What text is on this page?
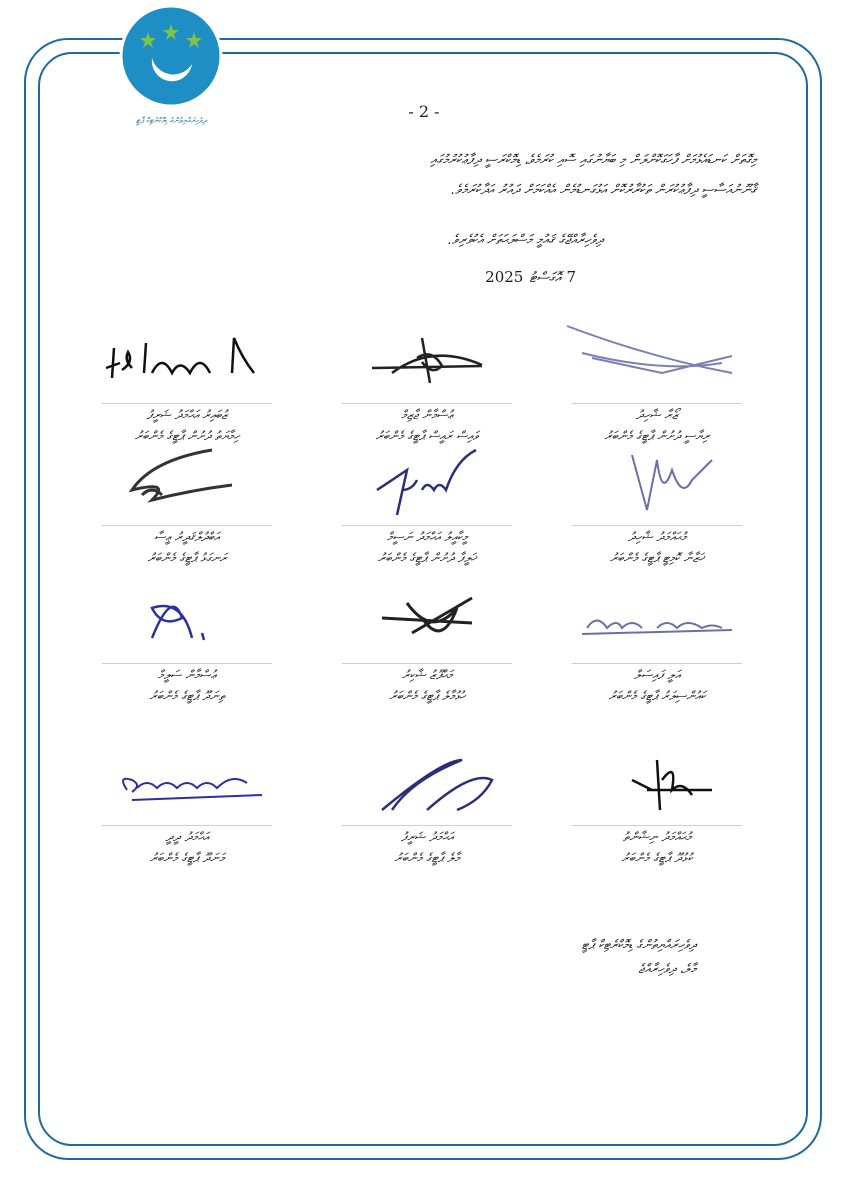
ދިވެހިރައްޔިތުންގެ ޑިމޮކްރެޓިކް ޕާޓީ	- 2 -
މިގޮތަށް ކަނޑައެޅުމަށް ފާހަގަކޮށްލަން މި ބަޔާނުގައި ސޮއި ކުރަމެވެ، ޑިމޮކްރަސީ ދިފާޢުކުރުމުގައި
ޤާނޫނުއަސާސީ ދިފާޢުކުރަން ތަކުރާރުކޮށް އަޅުގަނޑުމެން އެއްކަމަށް ދައުރު އަދާކުރަމެވެ.
ދިވެހިރާއްޖޭގެ ޤައުމީ މަސްލަޙަތަށް އެކުވެރިވެ.
7
އޮގަސްޓު
2025
ޒުބައިރު އަޙްމަދު ޝަރީފު
ހިމާޔަތު ދުށުން ޕާޓީގެ މެންބަރު
ޢުސްމާން ޖާޒިމް
ވައިސް ރައީސް ޕާޓީގެ މެންބަރު
ޒޯރާ ޝާހިދު
ރިޔާސީ ދުށުން ޕާޓީގެ މެންބަރު
އަބްދުލްޤަދީރު ޢީސާ
ރަނގަޅު ޕާޓީގެ މެންބަރު
މީކާއީލު އަޙްމަދު ނަސީމް
ޚަލީފާ ދުށުން ޕާޓީގެ މެންބަރު
މުޙައްމަދު ޝާހިދު
ޚަޒާނާ ކޮމިޓީ ޕާޓީގެ މެންބަރު
ޢުސްމާން ސަލީމް
ތިނަދޫ ޕާޓީގެ މެންބަރު
މަޙްފޫޒު ޝާކިރު
ހުޅުމާލެ ޕާޓީގެ މެންބަރު
އަލީ ފައިސަލް
ކައުންސިލަރު ޕާޓީގެ މެންބަރު
އަޙްމަދު ދީދީ
މަނަދޫ ޕާޓީގެ މެންބަރު
އަޙްމަދު ޝަރީފު
މާލެ ޕާޓީގެ މެންބަރު
މުޙައްމަދު ނިޝާންތު
ކުޅުދޫ ޕާޓީގެ މެންބަރު
ދިވެހިރައްޔިތުންގެ ޑިމޮކްރެޓިކް ޕާޓީ
މާލެ، ދިވެހިރާއްޖެ
